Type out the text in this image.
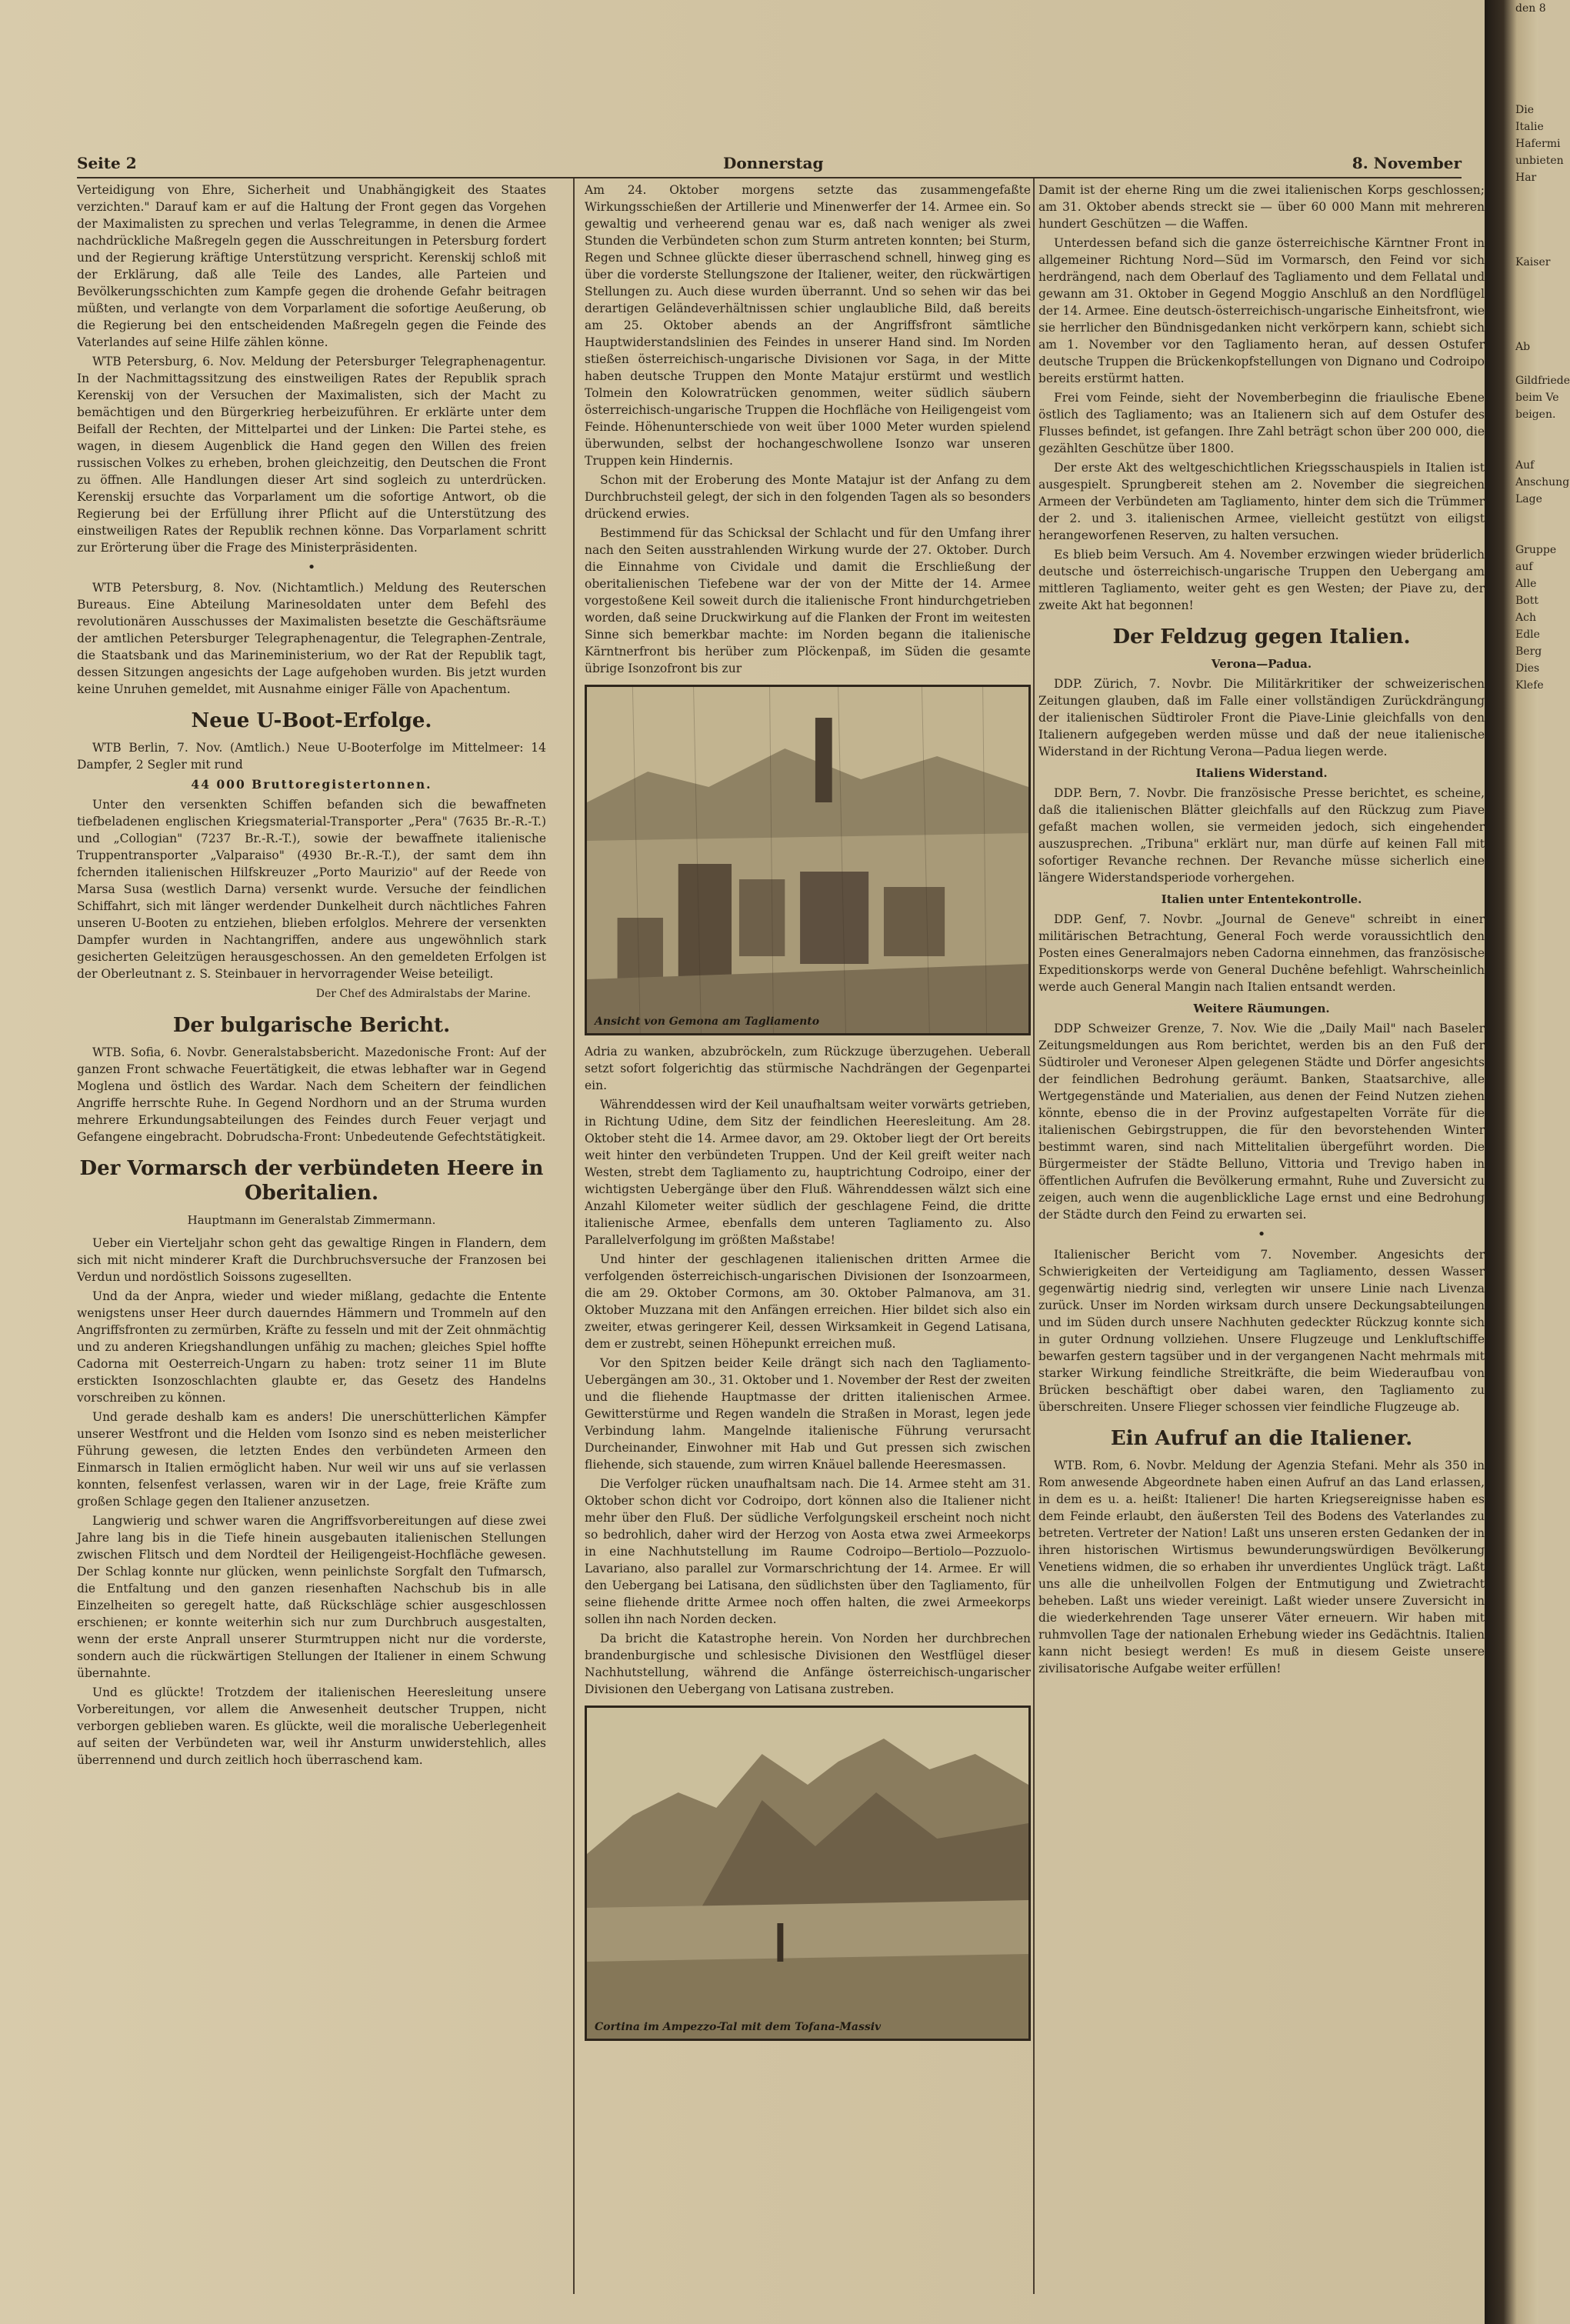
Seite 2	Donnerstag	8. November

Verteidigung von Ehre, Sicherheit und Unabhängigkeit des Staates verzichten." Darauf kam er auf die Haltung der Front gegen das Vorgehen der Maximalisten zu sprechen und verlas Telegramme, in denen die Armee nachdrückliche Maßregeln gegen die Ausschreitungen in Petersburg fordert und der Regierung kräftige Unterstützung verspricht. Kerenskij schloß mit der Erklärung, daß alle Teile des Landes, alle Parteien und Bevölkerungsschichten zum Kampfe gegen die drohende Gefahr beitragen müßten, und verlangte von dem Vorparlament die sofortige Aeußerung, ob die Regierung bei den entscheidenden Maßregeln gegen die Feinde des Vaterlandes auf seine Hilfe zählen könne.

WTB Petersburg, 6. Nov. Meldung der Petersburger Telegraphenagentur. In der Nachmittagssitzung des einstweiligen Rates der Republik sprach Kerenskij von der Versuchen der Maximalisten, sich der Macht zu bemächtigen und den Bürgerkrieg herbeizuführen. Er erklärte unter dem Beifall der Rechten, der Mittelpartei und der Linken: Die Partei stehe, es wagen, in diesem Augenblick die Hand gegen den Willen des freien russischen Volkes zu erheben, brohen gleichzeitig, den Deutschen die Front zu öffnen. Alle Handlungen dieser Art sind sogleich zu unterdrücken. Kerenskij ersuchte das Vorparlament um die sofortige Antwort, ob die Regierung bei der Erfüllung ihrer Pflicht auf die Unterstützung des einstweiligen Rates der Republik rechnen könne. Das Vorparlament schritt zur Erörterung über die Frage des Ministerpräsidenten.

•

WTB Petersburg, 8. Nov. (Nichtamtlich.) Meldung des Reuterschen Bureaus. Eine Abteilung Marinesoldaten unter dem Befehl des revolutionären Ausschusses der Maximalisten besetzte die Geschäftsräume der amtlichen Petersburger Telegraphenagentur, die Telegraphen-Zentrale, die Staatsbank und das Marineministerium, wo der Rat der Republik tagt, dessen Sitzungen angesichts der Lage aufgehoben wurden. Bis jetzt wurden keine Unruhen gemeldet, mit Ausnahme einiger Fälle von Apachentum.

Neue U-Boot-Erfolge.

WTB Berlin, 7. Nov. (Amtlich.) Neue U-Booterfolge im Mittelmeer: 14 Dampfer, 2 Segler mit rund

44 000 Bruttoregistertonnen.

Unter den versenkten Schiffen befanden sich die bewaffneten tiefbeladenen englischen Kriegsmaterial-Transporter „Pera" (7635 Br.-R.-T.) und „Collogian" (7237 Br.-R.-T.), sowie der bewaffnete italienische Truppentransporter „Valparaiso" (4930 Br.-R.-T.), der samt dem ihn fchernden italienischen Hilfskreuzer „Porto Maurizio" auf der Reede von Marsa Susa (westlich Darna) versenkt wurde. Versuche der feindlichen Schiffahrt, sich mit länger werdender Dunkelheit durch nächtliches Fahren unseren U-Booten zu entziehen, blieben erfolglos. Mehrere der versenkten Dampfer wurden in Nachtangriffen, andere aus ungewöhnlich stark gesicherten Geleitzügen herausgeschossen. An den gemeldeten Erfolgen ist der Oberleutnant z. S. Steinbauer in hervorragender Weise beteiligt.

Der Chef des Admiralstabs der Marine.
Der bulgarische Bericht.

WTB. Sofia, 6. Novbr. Generalstabsbericht. Mazedonische Front: Auf der ganzen Front schwache Feuertätigkeit, die etwas lebhafter war in Gegend Moglena und östlich des Wardar. Nach dem Scheitern der feindlichen Angriffe herrschte Ruhe. In Gegend Nordhorn und an der Struma wurden mehrere Erkundungsabteilungen des Feindes durch Feuer verjagt und Gefangene eingebracht. Dobrudscha-Front: Unbedeutende Gefechtstätigkeit.

Der Vormarsch der verbündeten Heere in Oberitalien.
Hauptmann im Generalstab Zimmermann.

Ueber ein Vierteljahr schon geht das gewaltige Ringen in Flandern, dem sich mit nicht minderer Kraft die Durchbruchsversuche der Franzosen bei Verdun und nordöstlich Soissons zugesellten.

Und da der Anpra, wieder und wieder mißlang, gedachte die Entente wenigstens unser Heer durch dauerndes Hämmern und Trommeln auf den Angriffsfronten zu zermürben, Kräfte zu fesseln und mit der Zeit ohnmächtig und zu anderen Kriegshandlungen unfähig zu machen; gleiches Spiel hoffte Cadorna mit Oesterreich-Ungarn zu haben: trotz seiner 11 im Blute erstickten Isonzoschlachten glaubte er, das Gesetz des Handelns vorschreiben zu können.

Und gerade deshalb kam es anders! Die unerschütterlichen Kämpfer unserer Westfront und die Helden vom Isonzo sind es neben meisterlicher Führung gewesen, die letzten Endes den verbündeten Armeen den Einmarsch in Italien ermöglicht haben. Nur weil wir uns auf sie verlassen konnten, felsenfest verlassen, waren wir in der Lage, freie Kräfte zum großen Schlage gegen den Italiener anzusetzen.

Langwierig und schwer waren die Angriffsvorbereitungen auf diese zwei Jahre lang bis in die Tiefe hinein ausgebauten italienischen Stellungen zwischen Flitsch und dem Nordteil der Heiligengeist-Hochfläche gewesen. Der Schlag konnte nur glücken, wenn peinlichste Sorgfalt den Tufmarsch, die Entfaltung und den ganzen riesenhaften Nachschub bis in alle Einzelheiten so geregelt hatte, daß Rückschläge schier ausgeschlossen erschienen; er konnte weiterhin sich nur zum Durchbruch ausgestalten, wenn der erste Anprall unserer Sturmtruppen nicht nur die vorderste, sondern auch die rückwärtigen Stellungen der Italiener in einem Schwung übernahnte.

Und es glückte! Trotzdem der italienischen Heeresleitung unsere Vorbereitungen, vor allem die Anwesenheit deutscher Truppen, nicht verborgen geblieben waren. Es glückte, weil die moralische Ueberlegenheit auf seiten der Verbündeten war, weil ihr Ansturm unwiderstehlich, alles überrennend und durch zeitlich hoch überraschend kam.

Am 24. Oktober morgens setzte das zusammengefaßte Wirkungsschießen der Artillerie und Minenwerfer der 14. Armee ein. So gewaltig und verheerend genau war es, daß nach weniger als zwei Stunden die Verbündeten schon zum Sturm antreten konnten; bei Sturm, Regen und Schnee glückte dieser überraschend schnell, hinweg ging es über die vorderste Stellungszone der Italiener, weiter, den rückwärtigen Stellungen zu. Auch diese wurden überrannt. Und so sehen wir das bei derartigen Geländeverhältnissen schier unglaubliche Bild, daß bereits am 25. Oktober abends an der Angriffsfront sämtliche Hauptwiderstandslinien des Feindes in unserer Hand sind. Im Norden stießen österreichisch-ungarische Divisionen vor Saga, in der Mitte haben deutsche Truppen den Monte Matajur erstürmt und westlich Tolmein den Kolowratrücken genommen, weiter südlich säubern österreichisch-ungarische Truppen die Hochfläche von Heiligengeist vom Feinde. Höhenunterschiede von weit über 1000 Meter wurden spielend überwunden, selbst der hochangeschwollene Isonzo war unseren Truppen kein Hindernis.

Schon mit der Eroberung des Monte Matajur ist der Anfang zu dem Durchbruchsteil gelegt, der sich in den folgenden Tagen als so besonders drückend erwies.

Bestimmend für das Schicksal der Schlacht und für den Umfang ihrer nach den Seiten ausstrahlenden Wirkung wurde der 27. Oktober. Durch die Einnahme von Cividale und damit die Erschließung der oberitalienischen Tiefebene war der von der Mitte der 14. Armee vorgestoßene Keil soweit durch die italienische Front hindurchgetrieben worden, daß seine Druckwirkung auf die Flanken der Front im weitesten Sinne sich bemerkbar machte: im Norden begann die italienische Kärntnerfront bis herüber zum Plöckenpaß, im Süden die gesamte übrige Isonzofront bis zur

Ansicht von Gemona am Tagliamento

Adria zu wanken, abzubröckeln, zum Rückzuge überzugehen. Ueberall setzt sofort folgerichtig das stürmische Nachdrängen der Gegenpartei ein.

Währenddessen wird der Keil unaufhaltsam weiter vorwärts getrieben, in Richtung Udine, dem Sitz der feindlichen Heeresleitung. Am 28. Oktober steht die 14. Armee davor, am 29. Oktober liegt der Ort bereits weit hinter den verbündeten Truppen. Und der Keil greift weiter nach Westen, strebt dem Tagliamento zu, hauptrichtung Codroipo, einer der wichtigsten Uebergänge über den Fluß. Währenddessen wälzt sich eine Anzahl Kilometer weiter südlich der geschlagene Feind, die dritte italienische Armee, ebenfalls dem unteren Tagliamento zu. Also Parallelverfolgung im größten Maßstabe!

Und hinter der geschlagenen italienischen dritten Armee die verfolgenden österreichisch-ungarischen Divisionen der Isonzoarmeen, die am 29. Oktober Cormons, am 30. Oktober Palmanova, am 31. Oktober Muzzana mit den Anfängen erreichen. Hier bildet sich also ein zweiter, etwas geringerer Keil, dessen Wirksamkeit in Gegend Latisana, dem er zustrebt, seinen Höhepunkt erreichen muß.

Vor den Spitzen beider Keile drängt sich nach den Tagliamento-Uebergängen am 30., 31. Oktober und 1. November der Rest der zweiten und die fliehende Hauptmasse der dritten italienischen Armee. Gewitterstürme und Regen wandeln die Straßen in Morast, legen jede Verbindung lahm. Mangelnde italienische Führung verursacht Durcheinander, Einwohner mit Hab und Gut pressen sich zwischen fliehende, sich stauende, zum wirren Knäuel ballende Heeresmassen.

Die Verfolger rücken unaufhaltsam nach. Die 14. Armee steht am 31. Oktober schon dicht vor Codroipo, dort können also die Italiener nicht mehr über den Fluß. Der südliche Verfolgungskeil erscheint noch nicht so bedrohlich, daher wird der Herzog von Aosta etwa zwei Armeekorps in eine Nachhutstellung im Raume Codroipo—Bertiolo—Pozzuolo-Lavariano, also parallel zur Vormarschrichtung der 14. Armee. Er will den Uebergang bei Latisana, den südlichsten über den Tagliamento, für seine fliehende dritte Armee noch offen halten, die zwei Armeekorps sollen ihn nach Norden decken.

Da bricht die Katastrophe herein. Von Norden her durchbrechen brandenburgische und schlesische Divisionen den Westflügel dieser Nachhutstellung, während die Anfänge österreichisch-ungarischer Divisionen den Uebergang von Latisana zustreben.

Cortina im Ampezzo-Tal mit dem Tofana-Massiv

Damit ist der eherne Ring um die zwei italienischen Korps geschlossen; am 31. Oktober abends streckt sie — über 60 000 Mann mit mehreren hundert Geschützen — die Waffen.

Unterdessen befand sich die ganze österreichische Kärntner Front in allgemeiner Richtung Nord—Süd im Vormarsch, den Feind vor sich herdrängend, nach dem Oberlauf des Tagliamento und dem Fellatal und gewann am 31. Oktober in Gegend Moggio Anschluß an den Nordflügel der 14. Armee. Eine deutsch-österreichisch-ungarische Einheitsfront, wie sie herrlicher den Bündnisgedanken nicht verkörpern kann, schiebt sich am 1. November vor den Tagliamento heran, auf dessen Ostufer deutsche Truppen die Brückenkopfstellungen von Dignano und Codroipo bereits erstürmt hatten.

Frei vom Feinde, sieht der Novemberbeginn die friaulische Ebene östlich des Tagliamento; was an Italienern sich auf dem Ostufer des Flusses befindet, ist gefangen. Ihre Zahl beträgt schon über 200 000, die gezählten Geschütze über 1800.

Der erste Akt des weltgeschichtlichen Kriegsschauspiels in Italien ist ausgespielt. Sprungbereit stehen am 2. November die siegreichen Armeen der Verbündeten am Tagliamento, hinter dem sich die Trümmer der 2. und 3. italienischen Armee, vielleicht gestützt von eiligst herangeworfenen Reserven, zu halten versuchen.

Es blieb beim Versuch. Am 4. November erzwingen wieder brüderlich deutsche und österreichisch-ungarische Truppen den Uebergang am mittleren Tagliamento, weiter geht es gen Westen; der Piave zu, der zweite Akt hat begonnen!

Der Feldzug gegen Italien.
Verona—Padua.

DDP. Zürich, 7. Novbr. Die Militärkritiker der schweizerischen Zeitungen glauben, daß im Falle einer vollständigen Zurückdrängung der italienischen Südtiroler Front die Piave-Linie gleichfalls von den Italienern aufgegeben werden müsse und daß der neue italienische Widerstand in der Richtung Verona—Padua liegen werde.

Italiens Widerstand.

DDP. Bern, 7. Novbr. Die französische Presse berichtet, es scheine, daß die italienischen Blätter gleichfalls auf den Rückzug zum Piave gefaßt machen wollen, sie vermeiden jedoch, sich eingehender auszusprechen. „Tribuna" erklärt nur, man dürfe auf keinen Fall mit sofortiger Revanche rechnen. Der Revanche müsse sicherlich eine längere Widerstandsperiode vorhergehen.

Italien unter Ententekontrolle.

DDP. Genf, 7. Novbr. „Journal de Geneve" schreibt in einer militärischen Betrachtung, General Foch werde voraussichtlich den Posten eines Generalmajors neben Cadorna einnehmen, das französische Expeditionskorps werde von General Duchêne befehligt. Wahrscheinlich werde auch General Mangin nach Italien entsandt werden.

Weitere Räumungen.

DDP Schweizer Grenze, 7. Nov. Wie die „Daily Mail" nach Baseler Zeitungsmeldungen aus Rom berichtet, werden bis an den Fuß der Südtiroler und Veroneser Alpen gelegenen Städte und Dörfer angesichts der feindlichen Bedrohung geräumt. Banken, Staatsarchive, alle Wertgegenstände und Materialien, aus denen der Feind Nutzen ziehen könnte, ebenso die in der Provinz aufgestapelten Vorräte für die italienischen Gebirgstruppen, die für den bevorstehenden Winter bestimmt waren, sind nach Mittelitalien übergeführt worden. Die Bürgermeister der Städte Belluno, Vittoria und Trevigo haben in öffentlichen Aufrufen die Bevölkerung ermahnt, Ruhe und Zuversicht zu zeigen, auch wenn die augenblickliche Lage ernst und eine Bedrohung der Städte durch den Feind zu erwarten sei.

•

Italienischer Bericht vom 7. November. Angesichts der Schwierigkeiten der Verteidigung am Tagliamento, dessen Wasser gegenwärtig niedrig sind, verlegten wir unsere Linie nach Livenza zurück. Unser im Norden wirksam durch unsere Deckungsabteilungen und im Süden durch unsere Nachhuten gedeckter Rückzug konnte sich in guter Ordnung vollziehen. Unsere Flugzeuge und Lenkluftschiffe bewarfen gestern tagsüber und in der vergangenen Nacht mehrmals mit starker Wirkung feindliche Streitkräfte, die beim Wiederaufbau von Brücken beschäftigt ober dabei waren, den Tagliamento zu überschreiten. Unsere Flieger schossen vier feindliche Flugzeuge ab.

Ein Aufruf an die Italiener.

WTB. Rom, 6. Novbr. Meldung der Agenzia Stefani. Mehr als 350 in Rom anwesende Abgeordnete haben einen Aufruf an das Land erlassen, in dem es u. a. heißt: Italiener! Die harten Kriegsereignisse haben es dem Feinde erlaubt, den äußersten Teil des Bodens des Vaterlandes zu betreten. Vertreter der Nation! Laßt uns unseren ersten Gedanken der in ihren historischen Wirtismus bewunderungswürdigen Bevölkerung Venetiens widmen, die so erhaben ihr unverdientes Unglück trägt. Laßt uns alle die unheilvollen Folgen der Entmutigung und Zwietracht beheben. Laßt uns wieder vereinigt. Laßt wieder unsere Zuversicht in die wiederkehrenden Tage unserer Väter erneuern. Wir haben mit ruhmvollen Tage der nationalen Erhebung wieder ins Gedächtnis. Italien kann nicht besiegt werden! Es muß in diesem Geiste unsere zivilisatorische Aufgabe weiter erfüllen!

den 8

Die
Italie
Hafermi
unbieten
Har

Kaiser

Ab

Gildfriede
beim Ve
beigen.

Auf
Anschung
Lage

Gruppe
auf
Alle
Bott
Ach
Edle
Berg
Dies
Klefe
